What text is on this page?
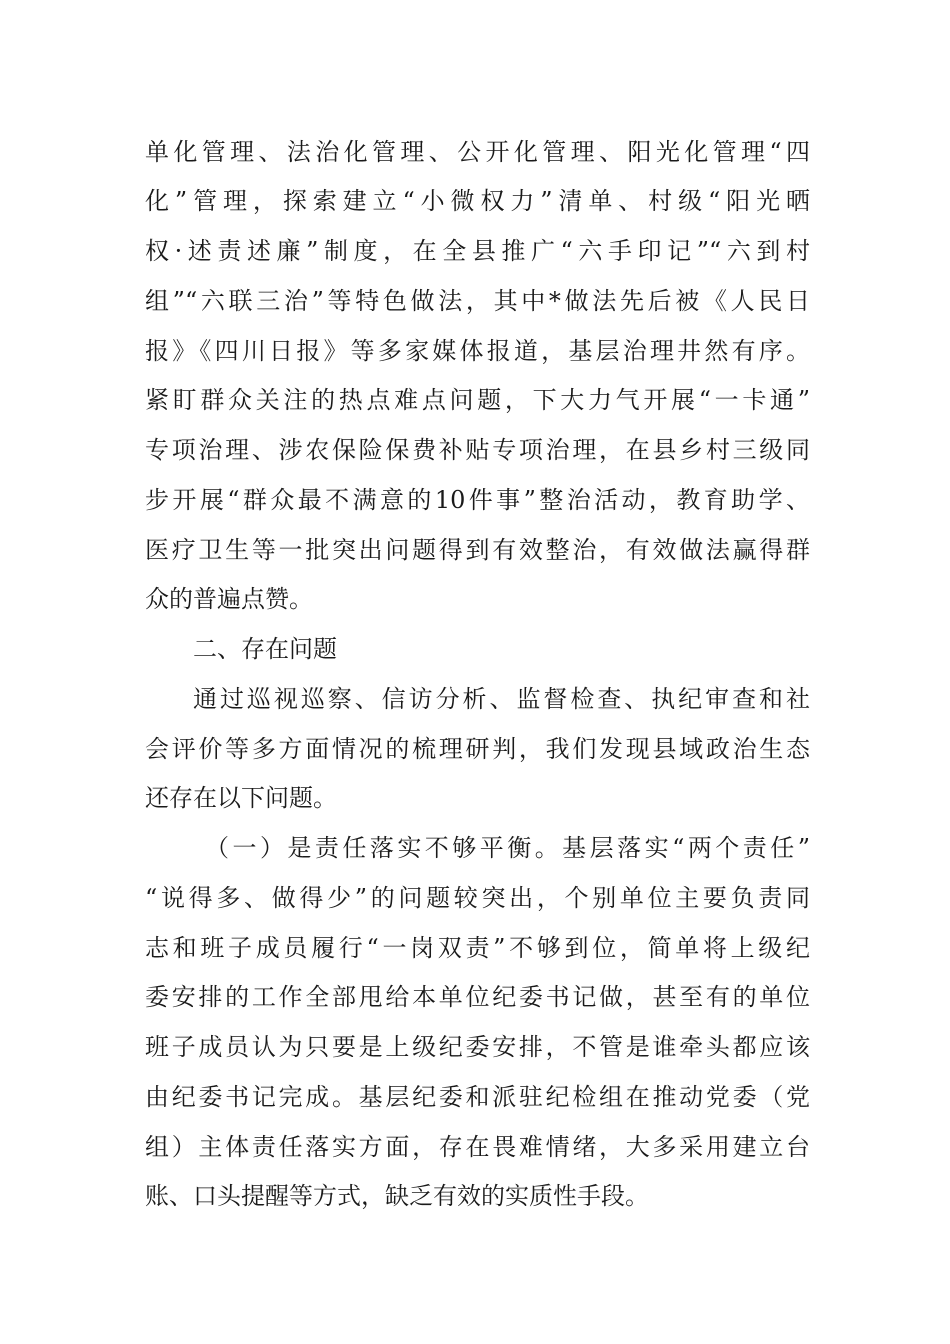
单化管理、法治化管理、公开化管理、阳光化管理“四
化”管理，探索建立“小微权力”清单、村级“阳光晒
权·述责述廉”制度，在全县推广“六手印记”“六到村
组”“六联三治”等特色做法，其中*做法先后被《人民日
报》《四川日报》等多家媒体报道，基层治理井然有序。
紧盯群众关注的热点难点问题，下大力气开展“一卡通”
专项治理、涉农保险保费补贴专项治理，在县乡村三级同
步开展“群众最不满意的10件事”整治活动，教育助学、
医疗卫生等一批突出问题得到有效整治，有效做法赢得群
众的普遍点赞。
二、存在问题
通过巡视巡察、信访分析、监督检查、执纪审查和社
会评价等多方面情况的梳理研判，我们发现县域政治生态
还存在以下问题。
（一）是责任落实不够平衡。基层落实“两个责任”
“说得多、做得少”的问题较突出，个别单位主要负责同
志和班子成员履行“一岗双责”不够到位，简单将上级纪
委安排的工作全部甩给本单位纪委书记做，甚至有的单位
班子成员认为只要是上级纪委安排，不管是谁牵头都应该
由纪委书记完成。基层纪委和派驻纪检组在推动党委（党
组）主体责任落实方面，存在畏难情绪，大多采用建立台
账、口头提醒等方式，缺乏有效的实质性手段。
